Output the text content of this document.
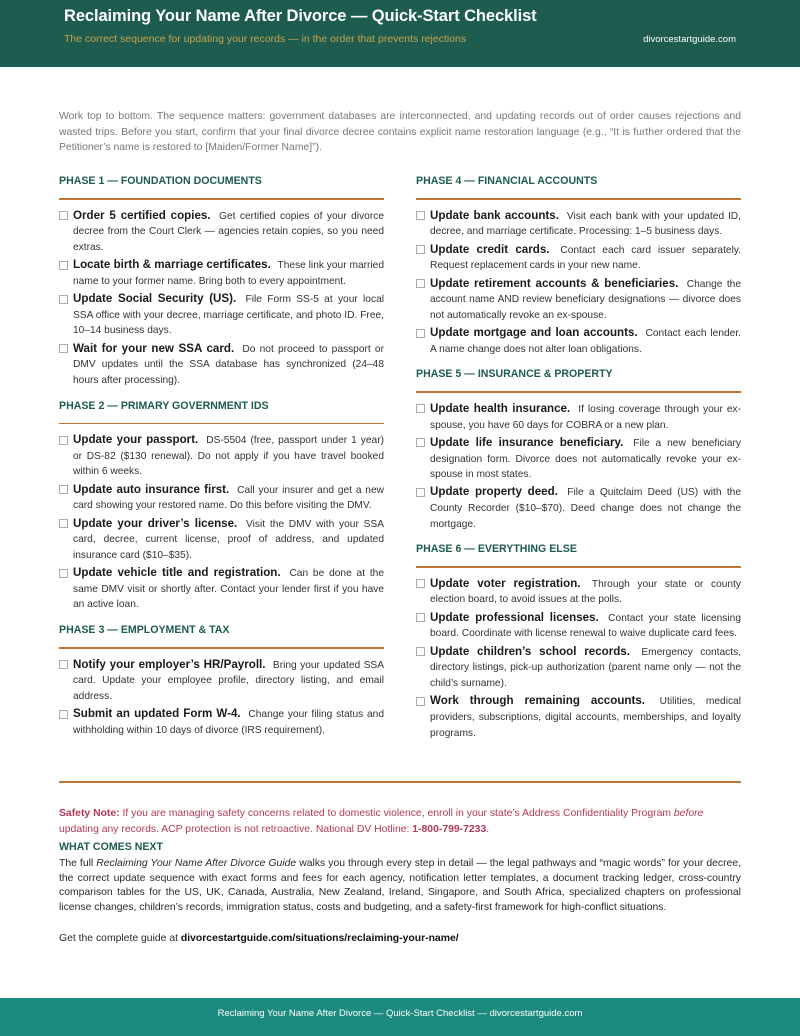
Reclaiming Your Name After Divorce — Quick-Start Checklist
The correct sequence for updating your records — in the order that prevents rejections	divorcestartguide.com

Work top to bottom. The sequence matters: government databases are interconnected, and updating records out of order causes rejections and wasted trips. Before you start, confirm that your final divorce decree contains explicit name restoration language (e.g., “It is further ordered that the Petitioner’s name is restored to [Maiden/Former Name]”).

PHASE 1 — FOUNDATION DOCUMENTS
Order 5 certified copies. Get certified copies of your divorce decree from the Court Clerk — agencies retain copies, so you need extras.
Locate birth & marriage certificates. These link your married name to your former name. Bring both to every appointment.
Update Social Security (US). File Form SS-5 at your local SSA office with your decree, marriage certificate, and photo ID. Free, 10–14 business days.
Wait for your new SSA card. Do not proceed to passport or DMV updates until the SSA database has synchronized (24–48 hours after processing).
PHASE 2 — PRIMARY GOVERNMENT IDS
Update your passport. DS-5504 (free, passport under 1 year) or DS-82 ($130 renewal). Do not apply if you have travel booked within 6 weeks.
Update auto insurance first. Call your insurer and get a new card showing your restored name. Do this before visiting the DMV.
Update your driver’s license. Visit the DMV with your SSA card, decree, current license, proof of address, and updated insurance card ($10–$35).
Update vehicle title and registration. Can be done at the same DMV visit or shortly after. Contact your lender first if you have an active loan.
PHASE 3 — EMPLOYMENT & TAX
Notify your employer’s HR/Payroll. Bring your updated SSA card. Update your employee profile, directory listing, and email address.
Submit an updated Form W-4. Change your filing status and withholding within 10 days of divorce (IRS requirement).
PHASE 4 — FINANCIAL ACCOUNTS
Update bank accounts. Visit each bank with your updated ID, decree, and marriage certificate. Processing: 1–5 business days.
Update credit cards. Contact each card issuer separately. Request replacement cards in your new name.
Update retirement accounts & beneficiaries. Change the account name AND review beneficiary designations — divorce does not automatically revoke an ex-spouse.
Update mortgage and loan accounts. Contact each lender. A name change does not alter loan obligations.
PHASE 5 — INSURANCE & PROPERTY
Update health insurance. If losing coverage through your ex-spouse, you have 60 days for COBRA or a new plan.
Update life insurance beneficiary. File a new beneficiary designation form. Divorce does not automatically revoke your ex-spouse in most states.
Update property deed. File a Quitclaim Deed (US) with the County Recorder ($10–$70). Deed change does not change the mortgage.
PHASE 6 — EVERYTHING ELSE
Update voter registration. Through your state or county election board, to avoid issues at the polls.
Update professional licenses. Contact your state licensing board. Coordinate with license renewal to waive duplicate card fees.
Update children’s school records. Emergency contacts, directory listings, pick-up authorization (parent name only — not the child’s surname).
Work through remaining accounts. Utilities, medical providers, subscriptions, digital accounts, memberships, and loyalty programs.

Safety Note: If you are managing safety concerns related to domestic violence, enroll in your state’s Address Confidentiality Program before updating any records. ACP protection is not retroactive. National DV Hotline: 1-800-799-7233.

WHAT COMES NEXT

The full Reclaiming Your Name After Divorce Guide walks you through every step in detail — the legal pathways and “magic words” for your decree, the correct update sequence with exact forms and fees for each agency, notification letter templates, a document tracking ledger, cross-country comparison tables for the US, UK, Canada, Australia, New Zealand, Ireland, Singapore, and South Africa, specialized chapters on professional license changes, children’s records, immigration status, costs and budgeting, and a safety-first framework for high-conflict situations.

Get the complete guide at divorcestartguide.com/situations/reclaiming-your-name/

Reclaiming Your Name After Divorce — Quick-Start Checklist — divorcestartguide.com
